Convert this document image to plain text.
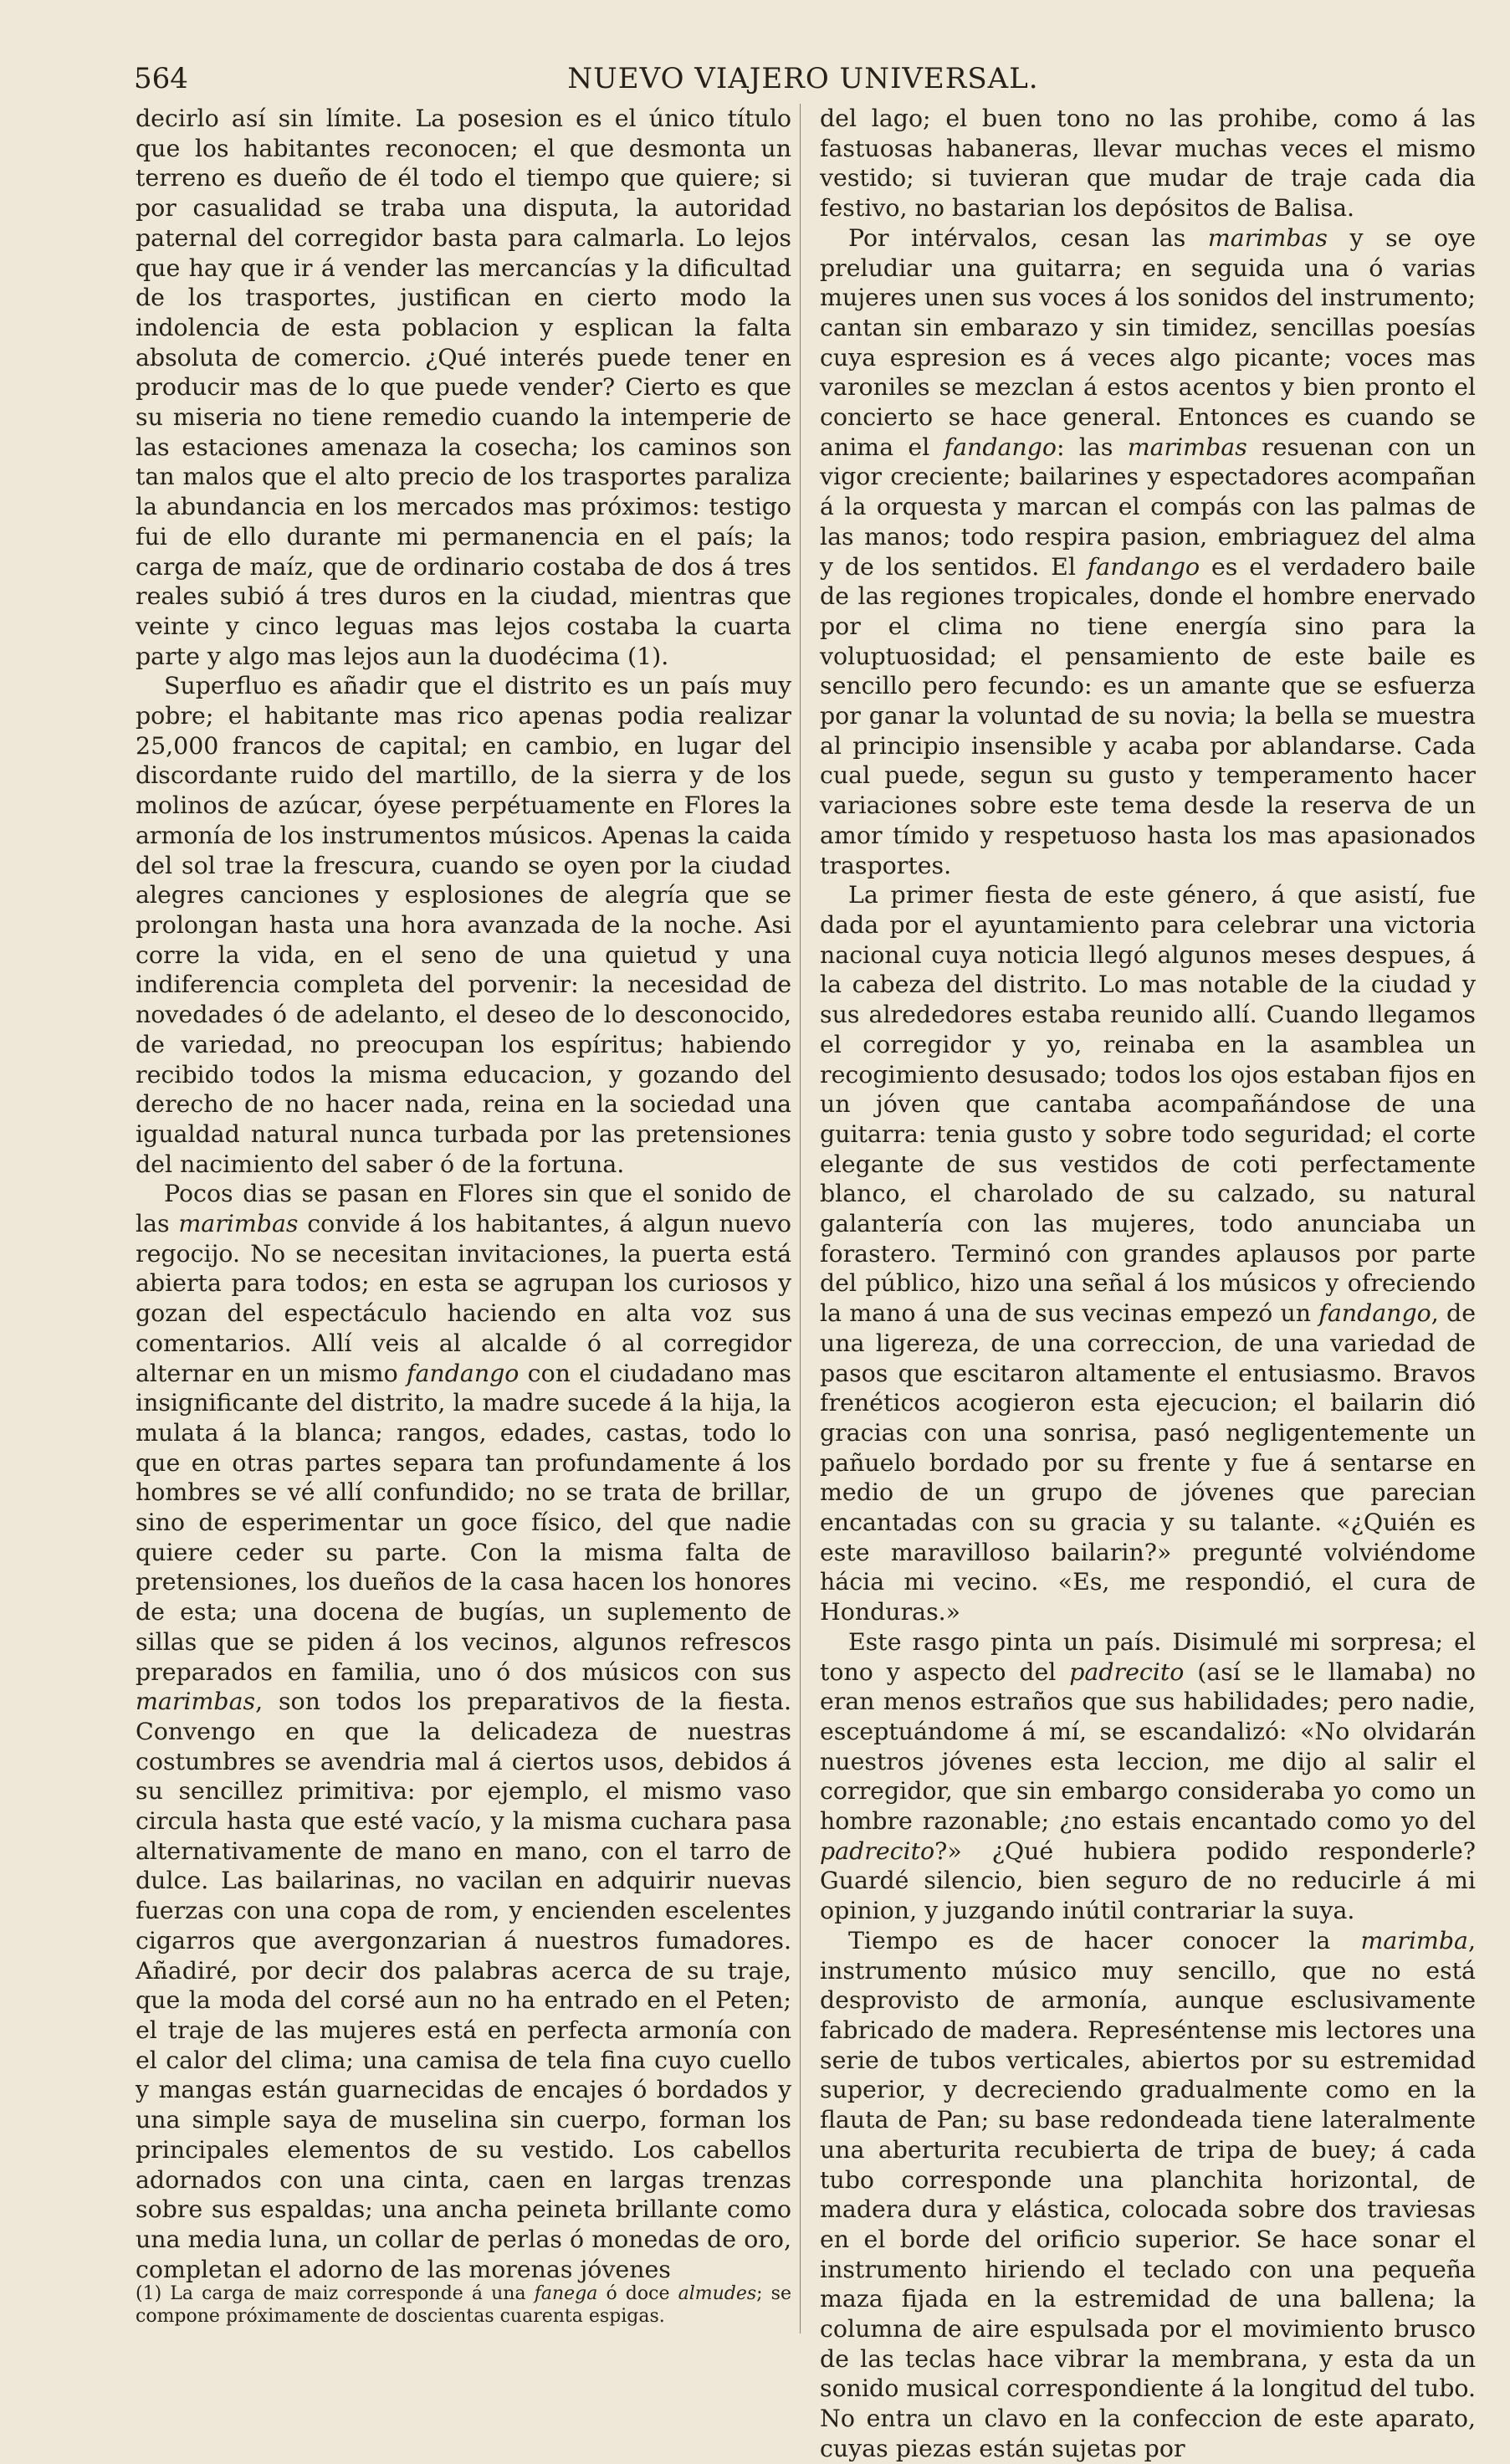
564	NUEVO VIAJERO UNIVERSAL.

decirlo así sin límite. La posesion es el único título que los habitantes reconocen; el que desmonta un terreno es dueño de él todo el tiempo que quiere; si por casualidad se traba una disputa, la autoridad paternal del corregidor basta para calmarla. Lo lejos que hay que ir á vender las mercancías y la dificultad de los trasportes, justifican en cierto modo la indolencia de esta poblacion y esplican la falta absoluta de comercio. ¿Qué interés puede tener en producir mas de lo que puede vender? Cierto es que su miseria no tiene remedio cuando la intemperie de las estaciones amenaza la cosecha; los caminos son tan malos que el alto precio de los trasportes paraliza la abundancia en los mercados mas próximos: testigo fui de ello durante mi permanencia en el país; la carga de maíz, que de ordinario costaba de dos á tres reales subió á tres duros en la ciudad, mientras que veinte y cinco leguas mas lejos costaba la cuarta parte y algo mas lejos aun la duodécima (1).

Superfluo es añadir que el distrito es un país muy pobre; el habitante mas rico apenas podia realizar 25,000 francos de capital; en cambio, en lugar del discordante ruido del martillo, de la sierra y de los molinos de azúcar, óyese perpétuamente en Flores la armonía de los instrumentos músicos. Apenas la caida del sol trae la frescura, cuando se oyen por la ciudad alegres canciones y esplosiones de alegría que se prolongan hasta una hora avanzada de la noche. Asi corre la vida, en el seno de una quietud y una indiferencia completa del porvenir: la necesidad de novedades ó de adelanto, el deseo de lo desconocido, de variedad, no preocupan los espíritus; habiendo recibido todos la misma educacion, y gozando del derecho de no hacer nada, reina en la sociedad una igualdad natural nunca turbada por las pretensiones del nacimiento del saber ó de la fortuna.

Pocos dias se pasan en Flores sin que el sonido de las marimbas convide á los habitantes, á algun nuevo regocijo. No se necesitan invitaciones, la puerta está abierta para todos; en esta se agrupan los curiosos y gozan del espectáculo haciendo en alta voz sus comentarios. Allí veis al alcalde ó al corregidor alternar en un mismo fandango con el ciudadano mas insignificante del distrito, la madre sucede á la hija, la mulata á la blanca; rangos, edades, castas, todo lo que en otras partes separa tan profundamente á los hombres se vé allí confundido; no se trata de brillar, sino de esperimentar un goce físico, del que nadie quiere ceder su parte. Con la misma falta de pretensiones, los dueños de la casa hacen los honores de esta; una docena de bugías, un suplemento de sillas que se piden á los vecinos, algunos refrescos preparados en familia, uno ó dos músicos con sus marimbas, son todos los preparativos de la fiesta. Convengo en que la delicadeza de nuestras costumbres se avendria mal á ciertos usos, debidos á su sencillez primitiva: por ejemplo, el mismo vaso circula hasta que esté vacío, y la misma cuchara pasa alternativamente de mano en mano, con el tarro de dulce. Las bailarinas, no vacilan en adquirir nuevas fuerzas con una copa de rom, y encienden escelentes cigarros que avergonzarian á nuestros fumadores. Añadiré, por decir dos palabras acerca de su traje, que la moda del corsé aun no ha entrado en el Peten; el traje de las mujeres está en perfecta armonía con el calor del clima; una camisa de tela fina cuyo cuello y mangas están guarnecidas de encajes ó bordados y una simple saya de muselina sin cuerpo, forman los principales elementos de su vestido. Los cabellos adornados con una cinta, caen en largas trenzas sobre sus espaldas; una ancha peineta brillante como una media luna, un collar de perlas ó monedas de oro, completan el adorno de las morenas jóvenes

del lago; el buen tono no las prohibe, como á las fastuosas habaneras, llevar muchas veces el mismo vestido; si tuvieran que mudar de traje cada dia festivo, no bastarian los depósitos de Balisa.

Por intérvalos, cesan las marimbas y se oye preludiar una guitarra; en seguida una ó varias mujeres unen sus voces á los sonidos del instrumento; cantan sin embarazo y sin timidez, sencillas poesías cuya espresion es á veces algo picante; voces mas varoniles se mezclan á estos acentos y bien pronto el concierto se hace general. Entonces es cuando se anima el fandango: las marimbas resuenan con un vigor creciente; bailarines y espectadores acompañan á la orquesta y marcan el compás con las palmas de las manos; todo respira pasion, embriaguez del alma y de los sentidos. El fandango es el verdadero baile de las regiones tropicales, donde el hombre enervado por el clima no tiene energía sino para la voluptuosidad; el pensamiento de este baile es sencillo pero fecundo: es un amante que se esfuerza por ganar la voluntad de su novia; la bella se muestra al principio insensible y acaba por ablandarse. Cada cual puede, segun su gusto y temperamento hacer variaciones sobre este tema desde la reserva de un amor tímido y respetuoso hasta los mas apasionados trasportes.

La primer fiesta de este género, á que asistí, fue dada por el ayuntamiento para celebrar una victoria nacional cuya noticia llegó algunos meses despues, á la cabeza del distrito. Lo mas notable de la ciudad y sus alrededores estaba reunido allí. Cuando llegamos el corregidor y yo, reinaba en la asamblea un recogimiento desusado; todos los ojos estaban fijos en un jóven que cantaba acompañándose de una guitarra: tenia gusto y sobre todo seguridad; el corte elegante de sus vestidos de coti perfectamente blanco, el charolado de su calzado, su natural galantería con las mujeres, todo anunciaba un forastero. Terminó con grandes aplausos por parte del público, hizo una señal á los músicos y ofreciendo la mano á una de sus vecinas empezó un fandango, de una ligereza, de una correccion, de una variedad de pasos que escitaron altamente el entusiasmo. Bravos frenéticos acogieron esta ejecucion; el bailarin dió gracias con una sonrisa, pasó negligentemente un pañuelo bordado por su frente y fue á sentarse en medio de un grupo de jóvenes que parecian encantadas con su gracia y su talante. «¿Quién es este maravilloso bailarin?» pregunté volviéndome hácia mi vecino. «Es, me respondió, el cura de Honduras.»

Este rasgo pinta un país. Disimulé mi sorpresa; el tono y aspecto del padrecito (así se le llamaba) no eran menos estraños que sus habilidades; pero nadie, esceptuándome á mí, se escandalizó: «No olvidarán nuestros jóvenes esta leccion, me dijo al salir el corregidor, que sin embargo consideraba yo como un hombre razonable; ¿no estais encantado como yo del padrecito?» ¿Qué hubiera podido responderle? Guardé silencio, bien seguro de no reducirle á mi opinion, y juzgando inútil contrariar la suya.

Tiempo es de hacer conocer la marimba, instrumento músico muy sencillo, que no está desprovisto de armonía, aunque esclusivamente fabricado de madera. Represéntense mis lectores una serie de tubos verticales, abiertos por su estremidad superior, y decreciendo gradualmente como en la flauta de Pan; su base redondeada tiene lateralmente una aberturita recubierta de tripa de buey; á cada tubo corresponde una planchita horizontal, de madera dura y elástica, colocada sobre dos traviesas en el borde del orificio superior. Se hace sonar el instrumento hiriendo el teclado con una pequeña maza fijada en la estremidad de una ballena; la columna de aire espulsada por el movimiento brusco de las teclas hace vibrar la membrana, y esta da un sonido musical correspondiente á la longitud del tubo. No entra un clavo en la confeccion de este aparato, cuyas piezas están sujetas por

(1) La carga de maiz corresponde á una fanega ó doce almudes; se compone próximamente de doscientas cuarenta espigas.
